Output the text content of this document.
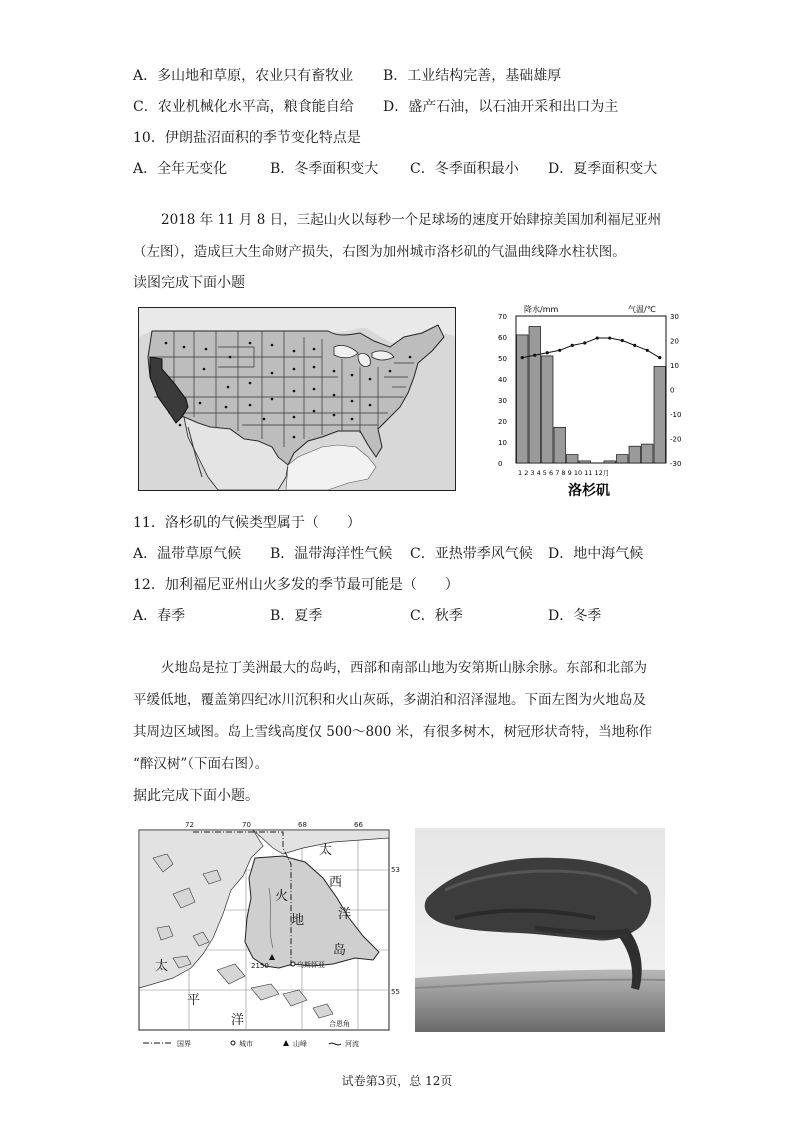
A．多山地和草原，农业只有畜牧业 B．工业结构完善，基础雄厚
C．农业机械化水平高，粮食能自给 D．盛产石油，以石油开采和出口为主
10．伊朗盐沼面积的季节变化特点是
A．全年无变化	B．冬季面积变大 C．冬季面积最小 D．夏季面积变大
2018 年 11 月 8 日，三起山火以每秒一个足球场的速度开始肆掠美国加利福尼亚州
（左图），造成巨大生命财产损失，右图为加州城市洛杉矶的气温曲线降水柱状图。
读图完成下面小题
降水/mm	气温/℃
70
60
50
40
30
20
10
0
30
20
10
0
-10
-20
-30
1 2 3 4 5 6 7 8 9 10 11 12月
洛杉矶
11．洛杉矶的气候类型属于（　　）
A．温带草原气候 B．温带海洋性气候 C．亚热带季风气候 D．地中海气候
12．加利福尼亚州山火多发的季节最可能是（　　）
A．春季	B．夏季	C．秋季	D．冬季
火地岛是拉丁美洲最大的岛屿，西部和南部山地为安第斯山脉余脉。东部和北部为
平缓低地，覆盖第四纪冰川沉积和火山灰砾，多湖泊和沼泽湿地。下面左图为火地岛及
其周边区域图。岛上雪线高度仅 500～800 米，有很多树木，树冠形状奇特，当地称作
“醉汉树”（下面右图）。
据此完成下面小题。
72	70	68	66
53
55
太
西
洋
太
平
洋
火
地
岛
2150	乌斯怀亚
合恩角
国界	城市	山峰	河流
试卷第3页，总 12页
